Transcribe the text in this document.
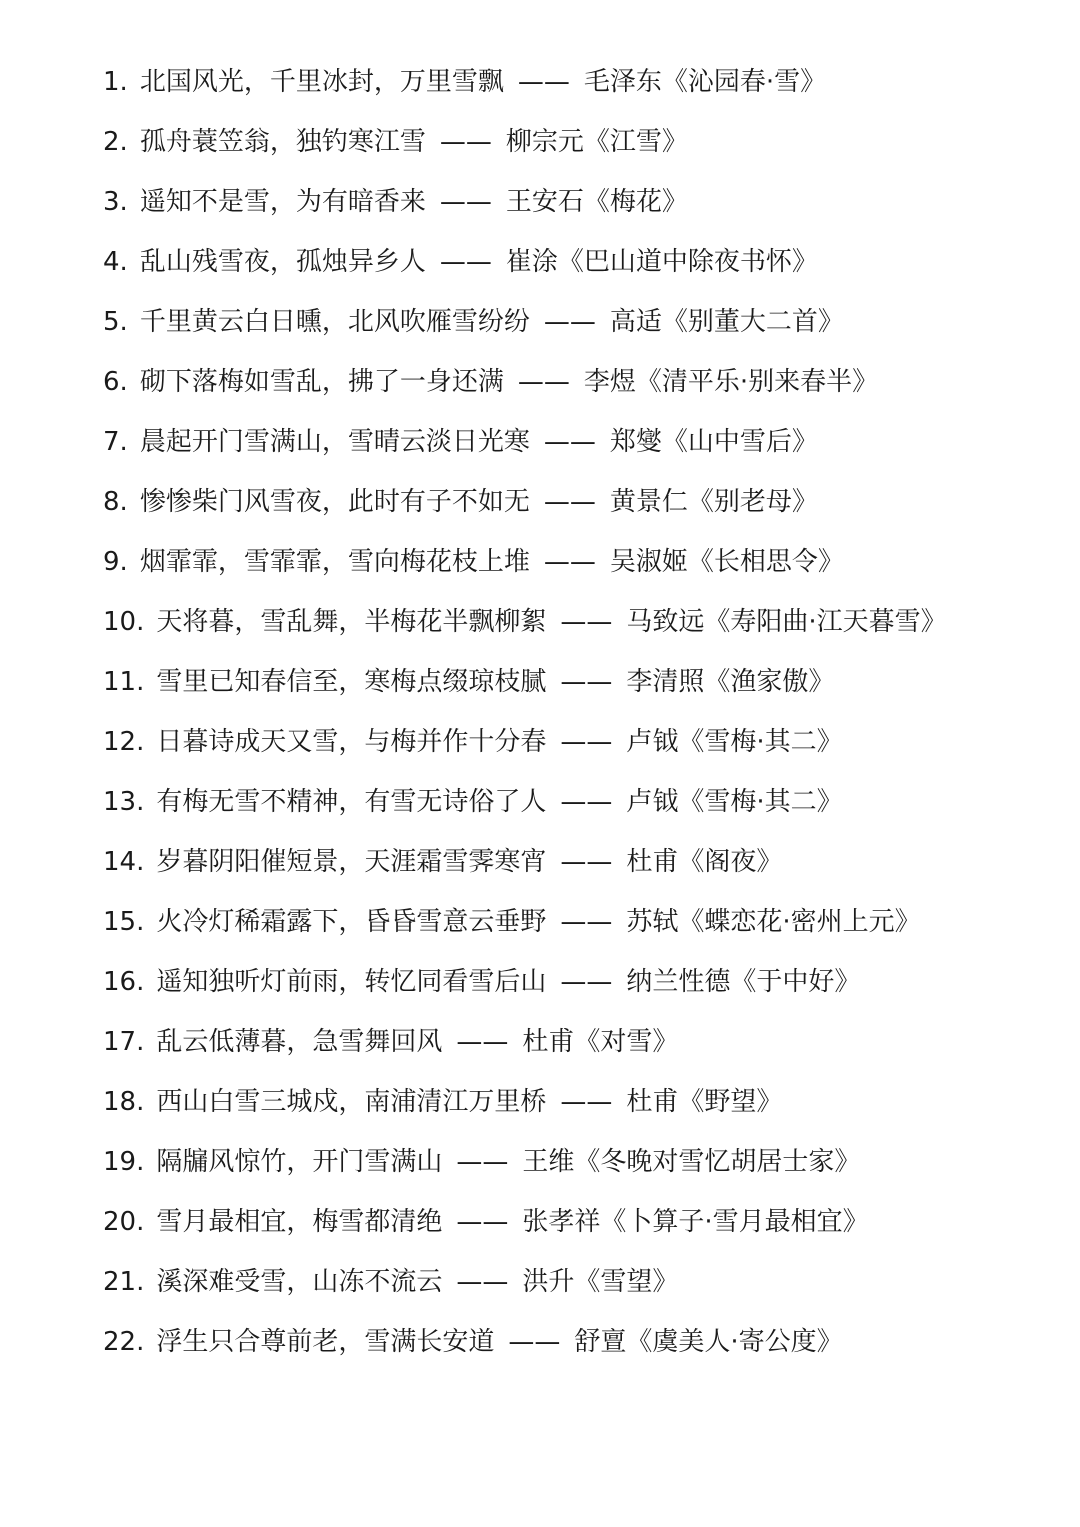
1. 北国风光，千里冰封，万里雪飘 —— 毛泽东《沁园春·雪》
2. 孤舟蓑笠翁，独钓寒江雪 —— 柳宗元《江雪》
3. 遥知不是雪，为有暗香来 —— 王安石《梅花》
4. 乱山残雪夜，孤烛异乡人 —— 崔涂《巴山道中除夜书怀》
5. 千里黄云白日曛，北风吹雁雪纷纷 —— 高适《别董大二首》
6. 砌下落梅如雪乱，拂了一身还满 —— 李煜《清平乐·别来春半》
7. 晨起开门雪满山，雪晴云淡日光寒 —— 郑燮《山中雪后》
8. 惨惨柴门风雪夜，此时有子不如无 —— 黄景仁《别老母》
9. 烟霏霏，雪霏霏，雪向梅花枝上堆 —— 吴淑姬《长相思令》
10. 天将暮，雪乱舞，半梅花半飘柳絮 —— 马致远《寿阳曲·江天暮雪》
11. 雪里已知春信至，寒梅点缀琼枝腻 —— 李清照《渔家傲》
12. 日暮诗成天又雪，与梅并作十分春 —— 卢钺《雪梅·其二》
13. 有梅无雪不精神，有雪无诗俗了人 —— 卢钺《雪梅·其二》
14. 岁暮阴阳催短景，天涯霜雪霁寒宵 —— 杜甫《阁夜》
15. 火冷灯稀霜露下，昏昏雪意云垂野 —— 苏轼《蝶恋花·密州上元》
16. 遥知独听灯前雨，转忆同看雪后山 —— 纳兰性德《于中好》
17. 乱云低薄暮，急雪舞回风 —— 杜甫《对雪》
18. 西山白雪三城戍，南浦清江万里桥 —— 杜甫《野望》
19. 隔牖风惊竹，开门雪满山 —— 王维《冬晚对雪忆胡居士家》
20. 雪月最相宜，梅雪都清绝 —— 张孝祥《卜算子·雪月最相宜》
21. 溪深难受雪，山冻不流云 —— 洪升《雪望》
22. 浮生只合尊前老，雪满长安道 —— 舒亶《虞美人·寄公度》
